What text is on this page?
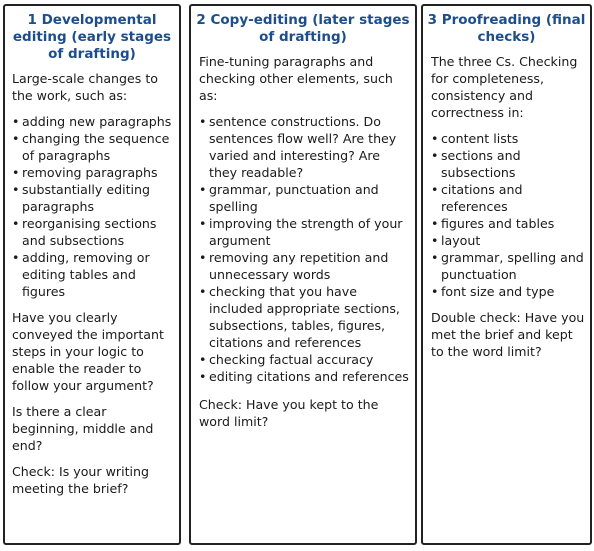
1 Developmental editing (early stages of drafting)

Large-scale changes to the work, such as:

• adding new paragraphs
• changing the sequence of paragraphs
• removing paragraphs
• substantially editing paragraphs
• reorganising sections and subsections
• adding, removing or editing tables and figures

Have you clearly conveyed the important steps in your logic to enable the reader to follow your argument?

Is there a clear beginning, middle and end?

Check: Is your writing meeting the brief?

2 Copy-editing (later stages of drafting)

Fine-tuning paragraphs and checking other elements, such as:

• sentence constructions. Do sentences flow well? Are they varied and interesting? Are they readable?
• grammar, punctuation and spelling
• improving the strength of your argument
• removing any repetition and unnecessary words
• checking that you have included appropriate sections, subsections, tables, figures, citations and references
• checking factual accuracy
• editing citations and references

Check: Have you kept to the word limit?

3 Proofreading (final checks)

The three Cs. Checking for completeness, consistency and correctness in:

• content lists
• sections and subsections
• citations and references
• figures and tables
• layout
• grammar, spelling and punctuation
• font size and type

Double check: Have you met the brief and kept to the word limit?
